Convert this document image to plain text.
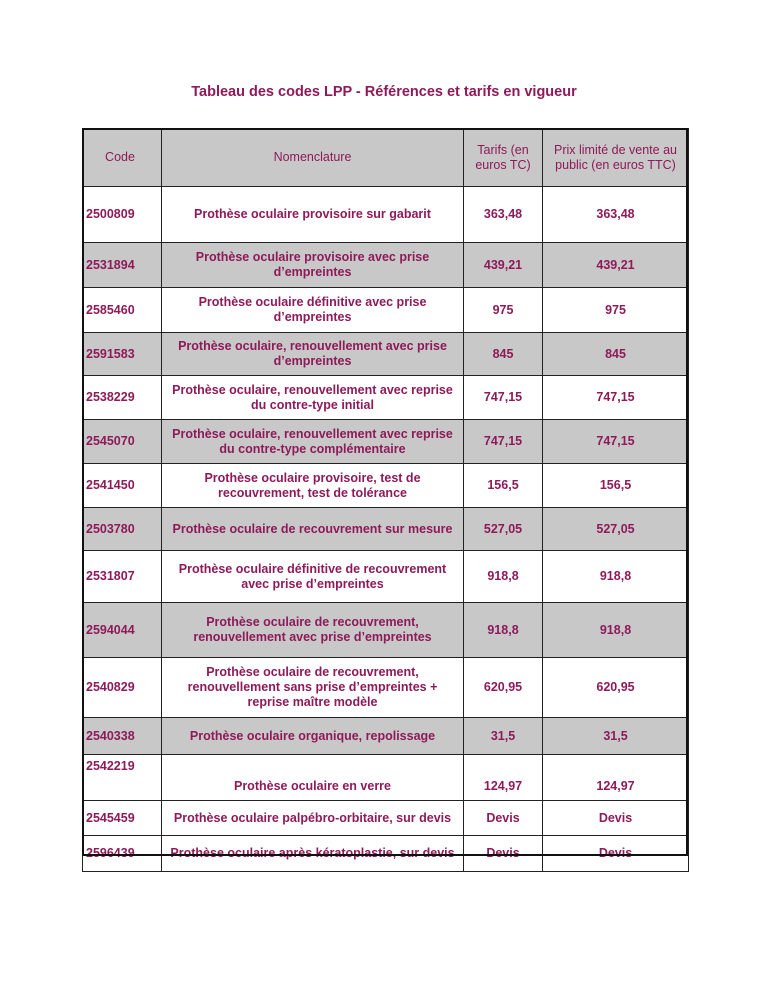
Tableau des codes LPP - Références et tarifs en vigueur
Code	Nomenclature	Tarifs (en euros TC)	Prix limité de vente au public (en euros TTC)
2500809	Prothèse oculaire provisoire sur gabarit	363,48	363,48
2531894	Prothèse oculaire provisoire avec prise d’empreintes	439,21	439,21
2585460	Prothèse oculaire définitive avec prise d’empreintes	975	975
2591583	Prothèse oculaire, renouvellement avec prise d’empreintes	845	845
2538229	Prothèse oculaire, renouvellement avec reprise du contre-type initial	747,15	747,15
2545070	Prothèse oculaire, renouvellement avec reprise du contre-type complémentaire	747,15	747,15
2541450	Prothèse oculaire provisoire, test de recouvrement, test de tolérance	156,5	156,5
2503780	Prothèse oculaire de recouvrement sur mesure	527,05	527,05
2531807	Prothèse oculaire définitive de recouvrement avec prise d’empreintes	918,8	918,8
2594044	Prothèse oculaire de recouvrement, renouvellement avec prise d’empreintes	918,8	918,8
2540829	Prothèse oculaire de recouvrement, renouvellement sans prise d’empreintes + reprise maître modèle	620,95	620,95
2540338	Prothèse oculaire organique, repolissage	31,5	31,5
2542219	Prothèse oculaire en verre	124,97	124,97
2545459	Prothèse oculaire palpébro-orbitaire, sur devis	Devis	Devis
2596439	Prothèse oculaire après kératoplastie, sur devis	Devis	Devis
